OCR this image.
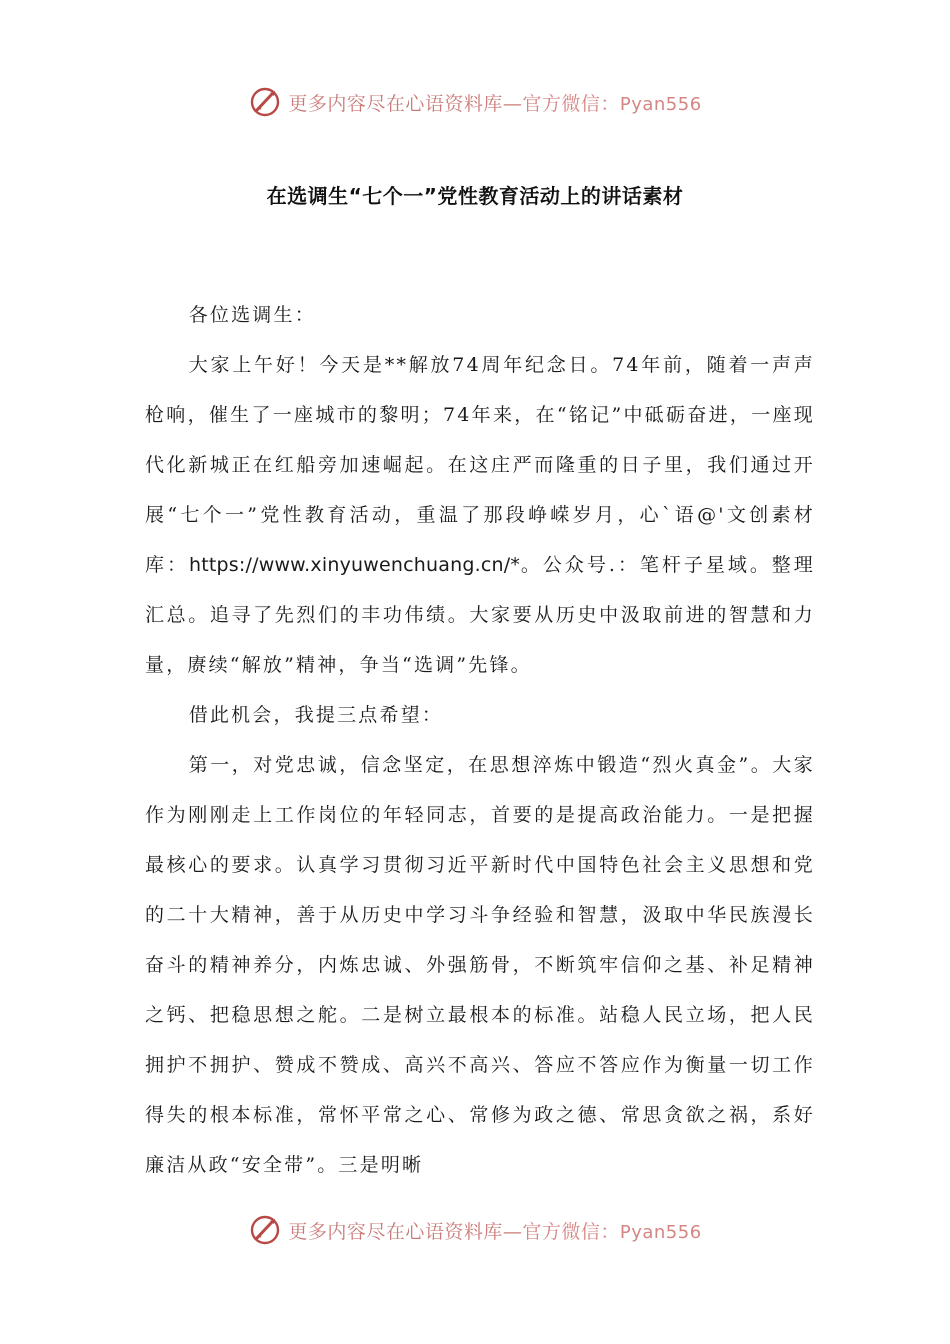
更多内容尽在心语资料库—官方微信：Pyan556
在选调生“七个一”党性教育活动上的讲话素材

各位选调生：

大家上午好！今天是**解放74周年纪念日。74年前，随着一声声枪响，催生了一座城市的黎明；74年来，在“铭记”中砥砺奋进，一座现代化新城正在红船旁加速崛起。在这庄严而隆重的日子里，我们通过开展“七个一”党性教育活动，重温了那段峥嵘岁月，心`语@'文创素材库：https://www.xinyuwenchuang.cn/*。公众号.：笔杆子星域。整理汇总。追寻了先烈们的丰功伟绩。大家要从历史中汲取前进的智慧和力量，赓续“解放”精神，争当“选调”先锋。

借此机会，我提三点希望：

第一，对党忠诚，信念坚定，在思想淬炼中锻造“烈火真金”。大家作为刚刚走上工作岗位的年轻同志，首要的是提高政治能力。一是把握最核心的要求。认真学习贯彻习近平新时代中国特色社会主义思想和党的二十大精神，善于从历史中学习斗争经验和智慧，汲取中华民族漫长奋斗的精神养分，内炼忠诚、外强筋骨，不断筑牢信仰之基、补足精神之钙、把稳思想之舵。二是树立最根本的标准。站稳人民立场，把人民拥护不拥护、赞成不赞成、高兴不高兴、答应不答应作为衡量一切工作得失的根本标准，常怀平常之心、常修为政之德、常思贪欲之祸，系好廉洁从政“安全带”。三是明晰

更多内容尽在心语资料库—官方微信：Pyan556
